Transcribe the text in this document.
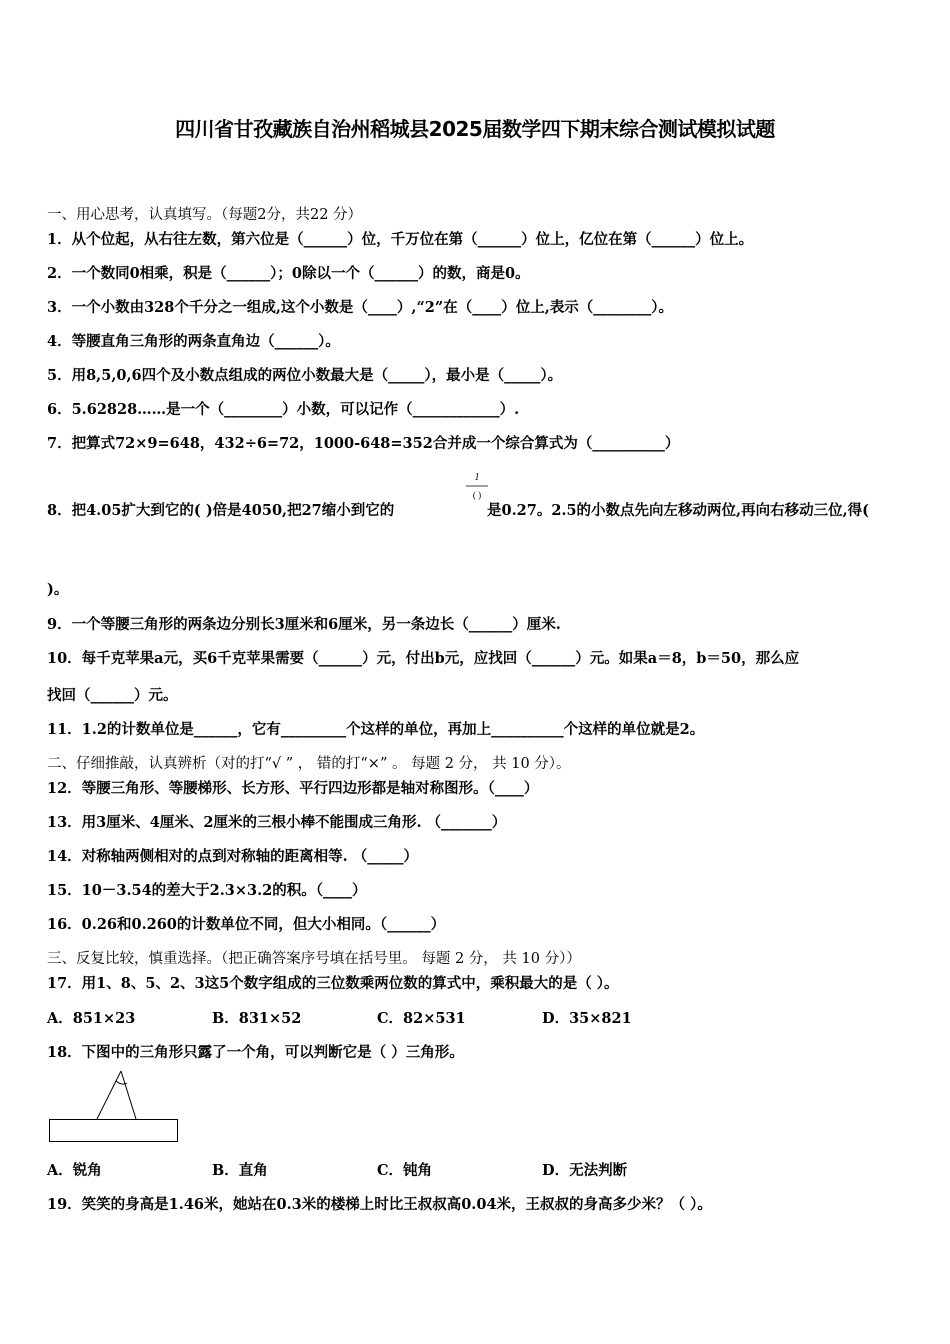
四川省甘孜藏族自治州稻城县2025届数学四下期末综合测试模拟试题
一、用心思考，认真填写。（每题2分，共22 分）
1．从个位起，从右往左数，第六位是（______）位，千万位在第（______）位上，亿位在第（______）位上。
2．一个数同0相乘，积是（______）；0除以一个（______）的数，商是0。
3．一个小数由328个千分之一组成,这个小数是（____）,“2”在（____）位上,表示（________）。
4．等腰直角三角形的两条直角边（______）。
5．用8,5,0,6四个及小数点组成的两位小数最大是（_____），最小是（_____）。
6．5.62828……是一个（________）小数，可以记作（____________）.
7．把算式72×9=648，432÷6=72，1000-648=352合并成一个综合算式为（__________）
8．把4.05扩大到它的( )倍是4050,把27缩小到它的
1
( )
是0.27。2.5的小数点先向左移动两位,再向右移动三位,得(
)。
9．一个等腰三角形的两条边分别长3厘米和6厘米，另一条边长（______）厘米.
10．每千克苹果a元，买6千克苹果需要（______）元，付出b元，应找回（______）元。如果a＝8，b＝50，那么应
找回（______）元。
11．1.2的计数单位是______，它有_________个这样的单位，再加上__________个这样的单位就是2。
二、仔细推敲，认真辨析（对的打“√ ” ， 错的打“×” 。 每题 2 分， 共 10 分）。
12．等腰三角形、等腰梯形、长方形、平行四边形都是轴对称图形。（____）
13．用3厘米、4厘米、2厘米的三根小棒不能围成三角形. （_______）
14．对称轴两侧相对的点到对称轴的距离相等. （_____）
15．10－3.54的差大于2.3×3.2的积。（____）
16．0.26和0.260的计数单位不同，但大小相同。（______）
三、反复比较，慎重选择。（把正确答案序号填在括号里。 每题 2 分， 共 10 分））
17．用1、8、5、2、3这5个数字组成的三位数乘两位数的算式中，乘积最大的是（ ）。
A．851×23	B．831×52	C．82×531	D．35×821
18．下图中的三角形只露了一个角，可以判断它是（ ）三角形。
A．锐角	B．直角	C．钝角	D．无法判断
19．笑笑的身高是1.46米，她站在0.3米的楼梯上时比王叔叔高0.04米，王叔叔的身高多少米？（ ）。
